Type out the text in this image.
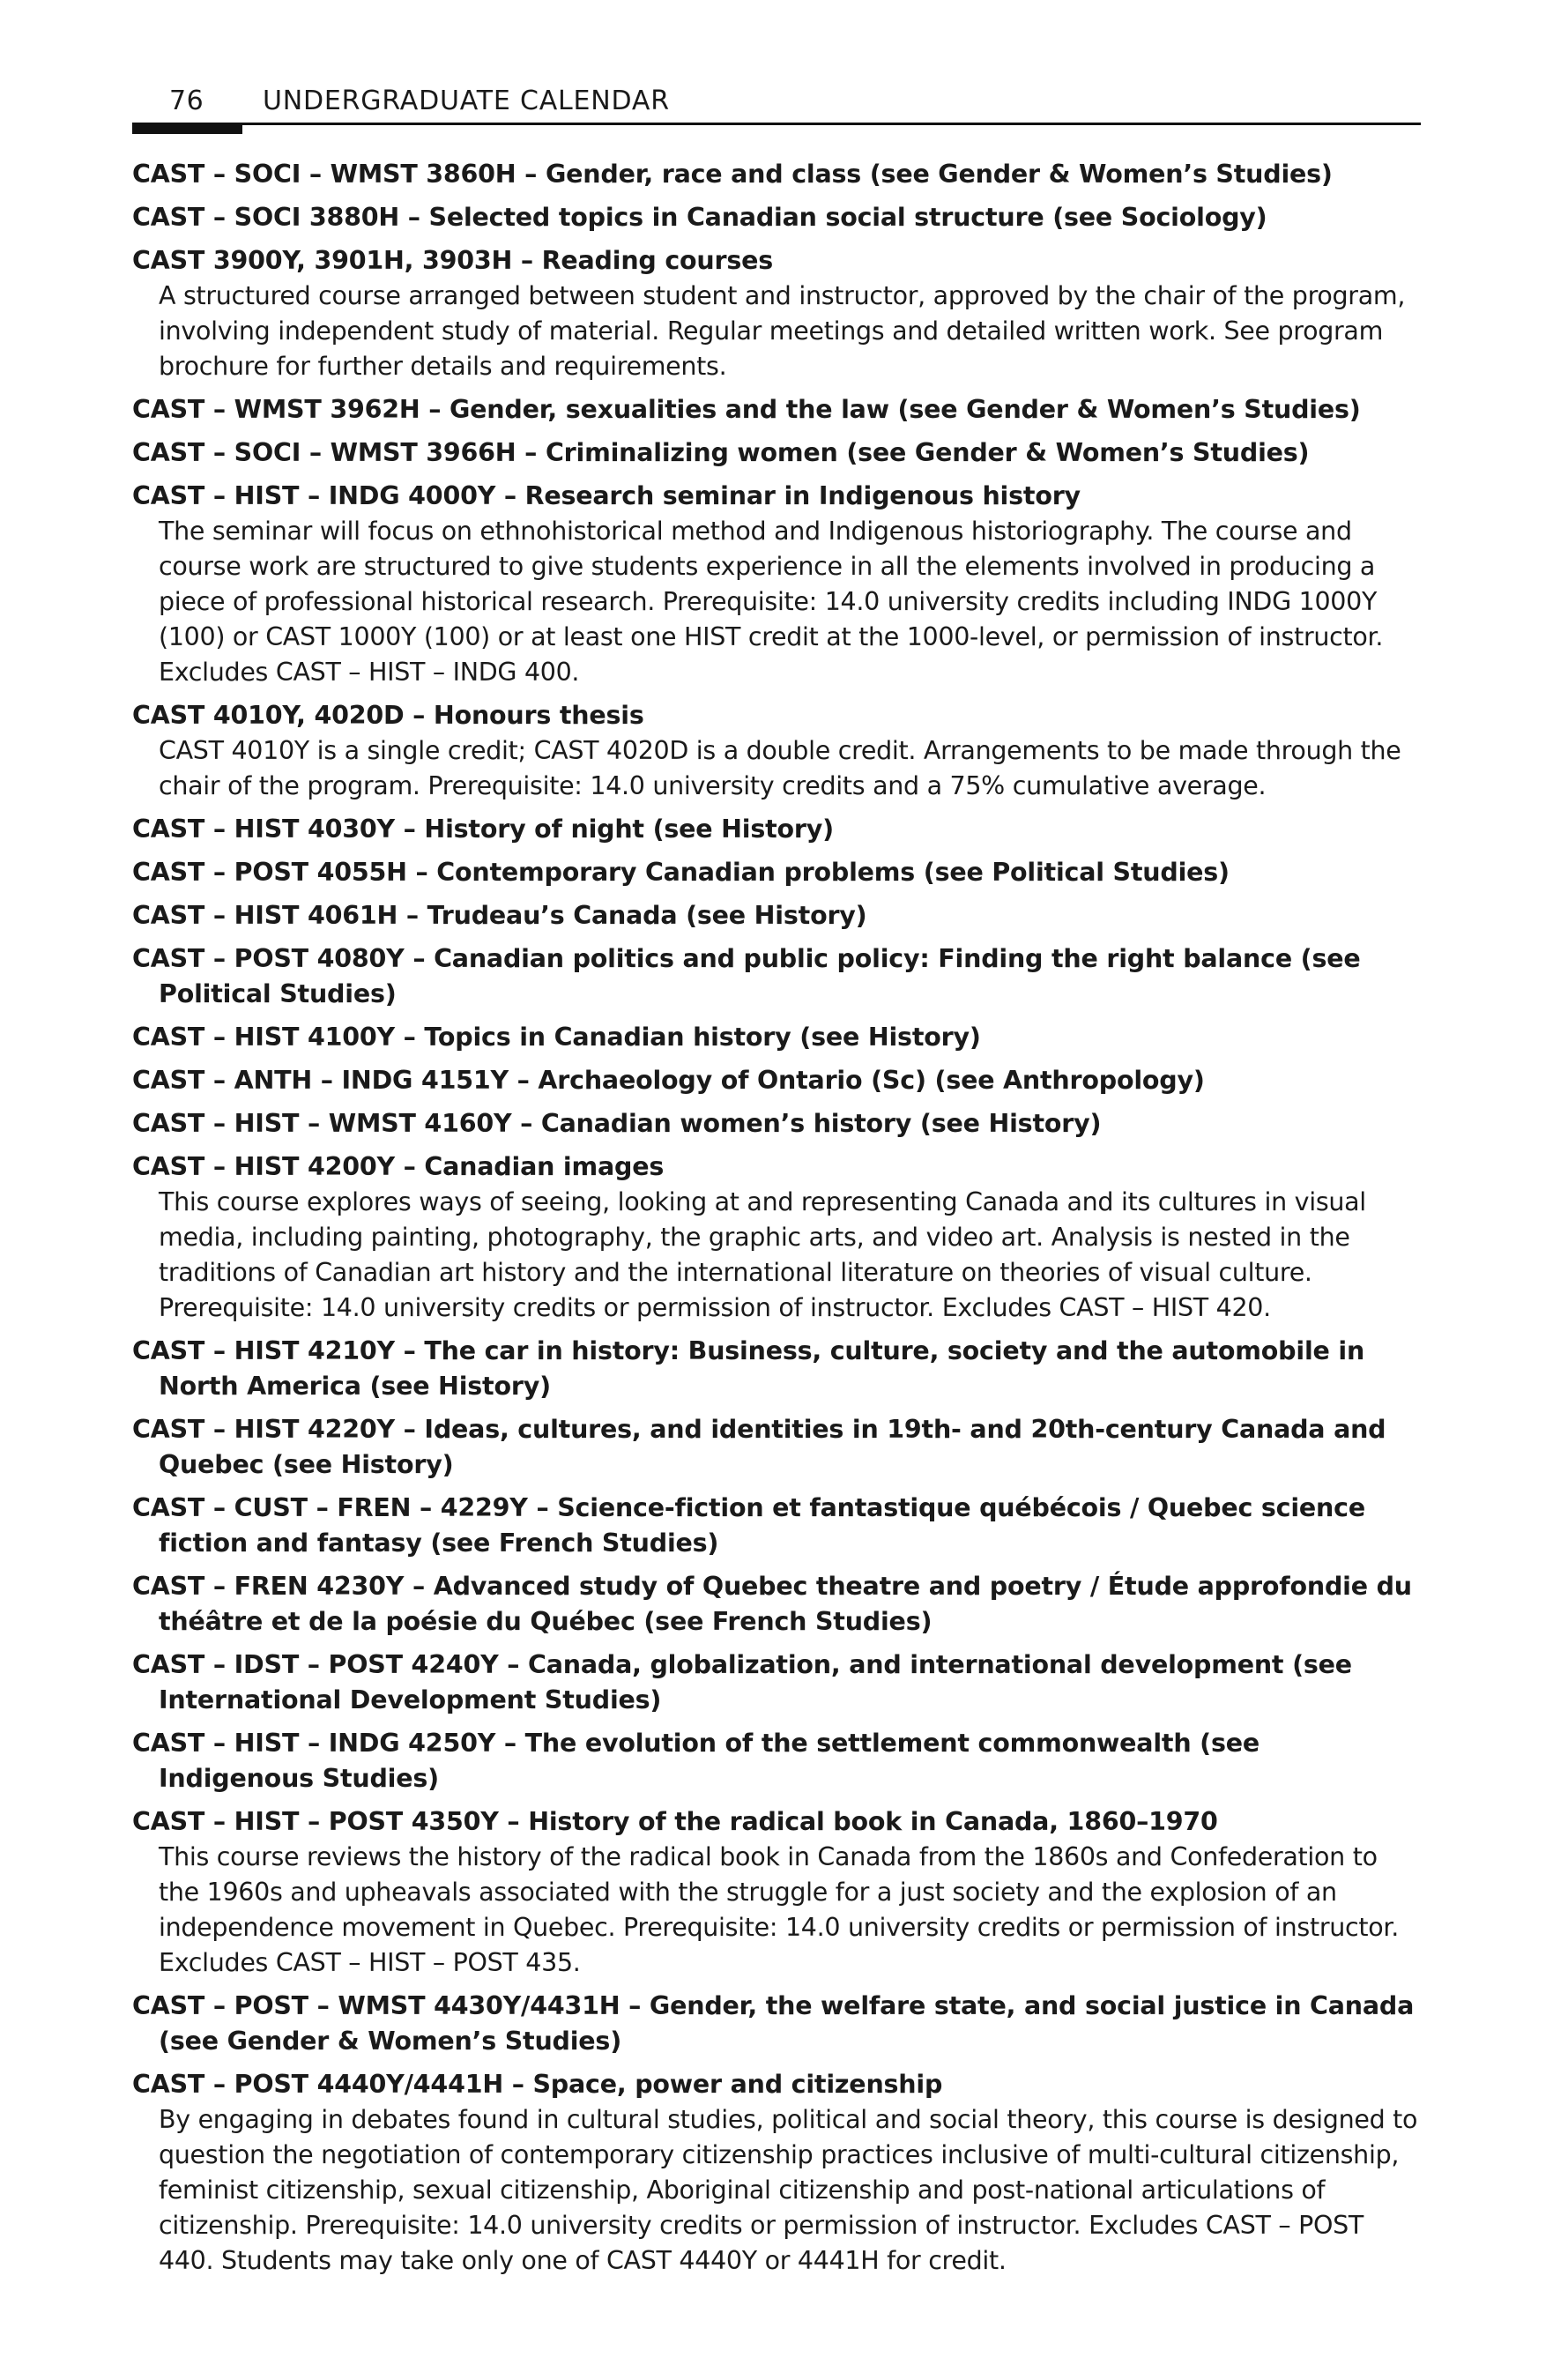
76 UNDERGRADUATE CALENDAR
CAST – SOCI – WMST 3860H – Gender, race and class (see Gender & Women’s Studies)
CAST – SOCI 3880H – Selected topics in Canadian social structure (see Sociology)
CAST 3900Y, 3901H, 3903H – Reading courses
A structured course arranged between student and instructor, approved by the chair of the program, involving independent study of material. Regular meetings and detailed written work. See program brochure for further details and requirements.
CAST – WMST 3962H – Gender, sexualities and the law (see Gender & Women’s Studies)
CAST – SOCI – WMST 3966H – Criminalizing women (see Gender & Women’s Studies)
CAST – HIST – INDG 4000Y – Research seminar in Indigenous history
The seminar will focus on ethnohistorical method and Indigenous historiography. The course and course work are structured to give students experience in all the elements involved in producing a piece of professional historical research. Prerequisite: 14.0 university credits including INDG 1000Y (100) or CAST 1000Y (100) or at least one HIST credit at the 1000-level, or permission of instructor. Excludes CAST – HIST – INDG 400.
CAST 4010Y, 4020D – Honours thesis
CAST 4010Y is a single credit; CAST 4020D is a double credit. Arrangements to be made through the chair of the program. Prerequisite: 14.0 university credits and a 75% cumulative average.
CAST – HIST 4030Y – History of night (see History)
CAST – POST 4055H – Contemporary Canadian problems (see Political Studies)
CAST – HIST 4061H – Trudeau’s Canada (see History)
CAST – POST 4080Y – Canadian politics and public policy: Finding the right balance (see Political Studies)
CAST – HIST 4100Y – Topics in Canadian history (see History)
CAST – ANTH – INDG 4151Y – Archaeology of Ontario (Sc) (see Anthropology)
CAST – HIST – WMST 4160Y – Canadian women’s history (see History)
CAST – HIST 4200Y – Canadian images
This course explores ways of seeing, looking at and representing Canada and its cultures in visual media, including painting, photography, the graphic arts, and video art. Analysis is nested in the traditions of Canadian art history and the international literature on theories of visual culture. Prerequisite: 14.0 university credits or permission of instructor. Excludes CAST – HIST 420.
CAST – HIST 4210Y – The car in history: Business, culture, society and the automobile in North America (see History)
CAST – HIST 4220Y – Ideas, cultures, and identities in 19th- and 20th-century Canada and Quebec (see History)
CAST – CUST – FREN – 4229Y – Science-fiction et fantastique québécois / Quebec science fiction and fantasy (see French Studies)
CAST – FREN 4230Y – Advanced study of Quebec theatre and poetry / Étude approfondie du théâtre et de la poésie du Québec (see French Studies)
CAST – IDST – POST 4240Y – Canada, globalization, and international development (see International Development Studies)
CAST – HIST – INDG 4250Y – The evolution of the settlement commonwealth (see Indigenous Studies)
CAST – HIST – POST 4350Y – History of the radical book in Canada, 1860–1970
This course reviews the history of the radical book in Canada from the 1860s and Confederation to the 1960s and upheavals associated with the struggle for a just society and the explosion of an independence movement in Quebec. Prerequisite: 14.0 university credits or permission of instructor. Excludes CAST – HIST – POST 435.
CAST – POST – WMST 4430Y/4431H – Gender, the welfare state, and social justice in Canada (see Gender & Women’s Studies)
CAST – POST 4440Y/4441H – Space, power and citizenship
By engaging in debates found in cultural studies, political and social theory, this course is designed to question the negotiation of contemporary citizenship practices inclusive of multi-cultural citizenship, feminist citizenship, sexual citizenship, Aboriginal citizenship and post-national articulations of citizenship. Prerequisite: 14.0 university credits or permission of instructor. Excludes CAST – POST 440. Students may take only one of CAST 4440Y or 4441H for credit.
